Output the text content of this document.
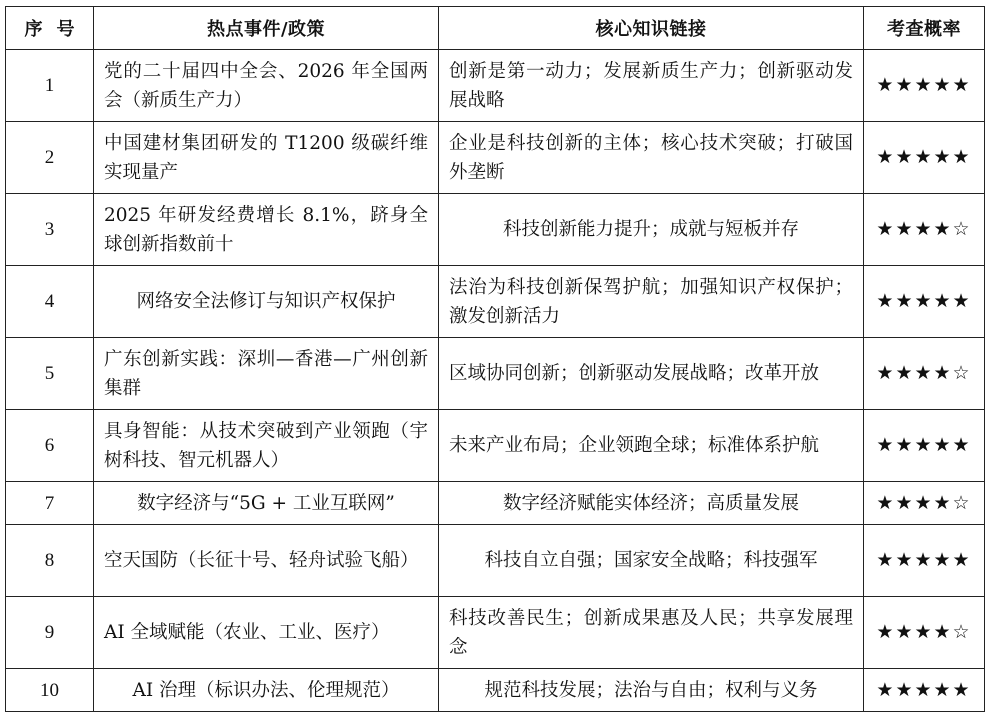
序号	热点事件/政策	核心知识链接	考查概率
1	党的二十届四中全会、2026 年全国两会（新质生产力）	创新是第一动力；发展新质生产力；创新驱动发展战略	★★★★★
2	中国建材集团研发的 T1200 级碳纤维实现量产	企业是科技创新的主体；核心技术突破；打破国外垄断	★★★★★
3	2025 年研发经费增长 8.1%，跻身全球创新指数前十	科技创新能力提升；成就与短板并存	★★★★☆
4	网络安全法修订与知识产权保护	法治为科技创新保驾护航；加强知识产权保护；激发创新活力	★★★★★
5	广东创新实践：深圳—香港—广州创新集群	区域协同创新；创新驱动发展战略；改革开放	★★★★☆
6	具身智能：从技术突破到产业领跑（宇树科技、智元机器人）	未来产业布局；企业领跑全球；标准体系护航	★★★★★
7	数字经济与“5G + 工业互联网”	数字经济赋能实体经济；高质量发展	★★★★☆
8	空天国防（长征十号、轻舟试验飞船）	科技自立自强；国家安全战略；科技强军	★★★★★
9	AI 全域赋能（农业、工业、医疗）	科技改善民生；创新成果惠及人民；共享发展理念	★★★★☆
10	AI 治理（标识办法、伦理规范）	规范科技发展；法治与自由；权利与义务	★★★★★
